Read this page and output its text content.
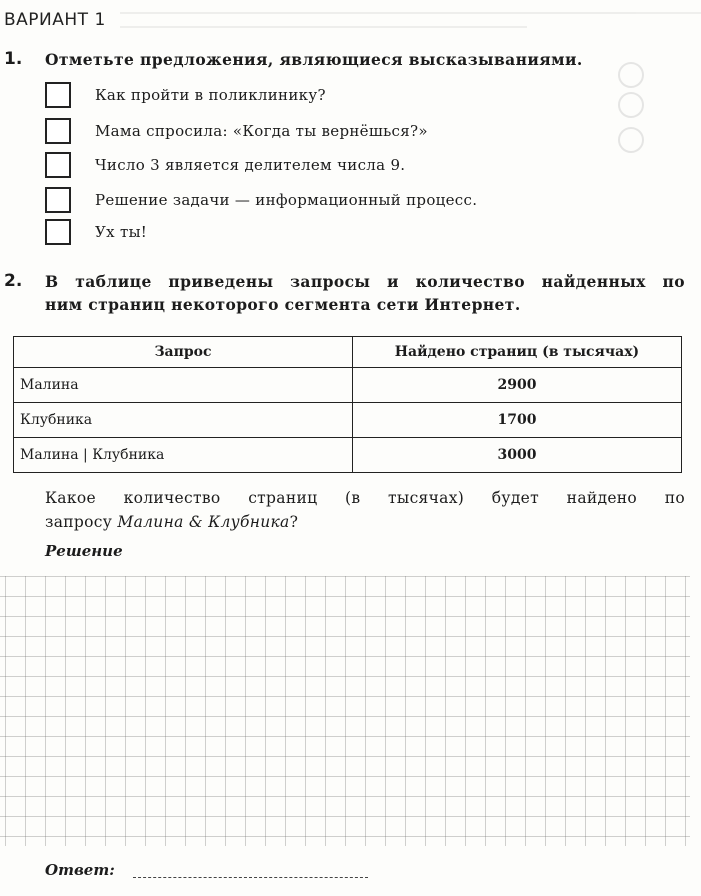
ВАРИАНТ 1
1. Отметьте предложения, являющиеся высказываниями.
Как пройти в поликлинику?
Мама спросила: «Когда ты вернёшься?»
Число 3 является делителем числа 9.
Решение задачи — информационный процесс.
Ух ты!
2. В таблице приведены запросы и количество найденных по
ним страниц некоторого сегмента сети Интернет.
Запрос	Найдено страниц (в тысячах)
Малина	2900
Клубника	1700
Малина | Клубника	3000
Какое количество страниц (в тысячах) будет найдено по
запросу Малина & Клубника?
Решение
Ответ:
